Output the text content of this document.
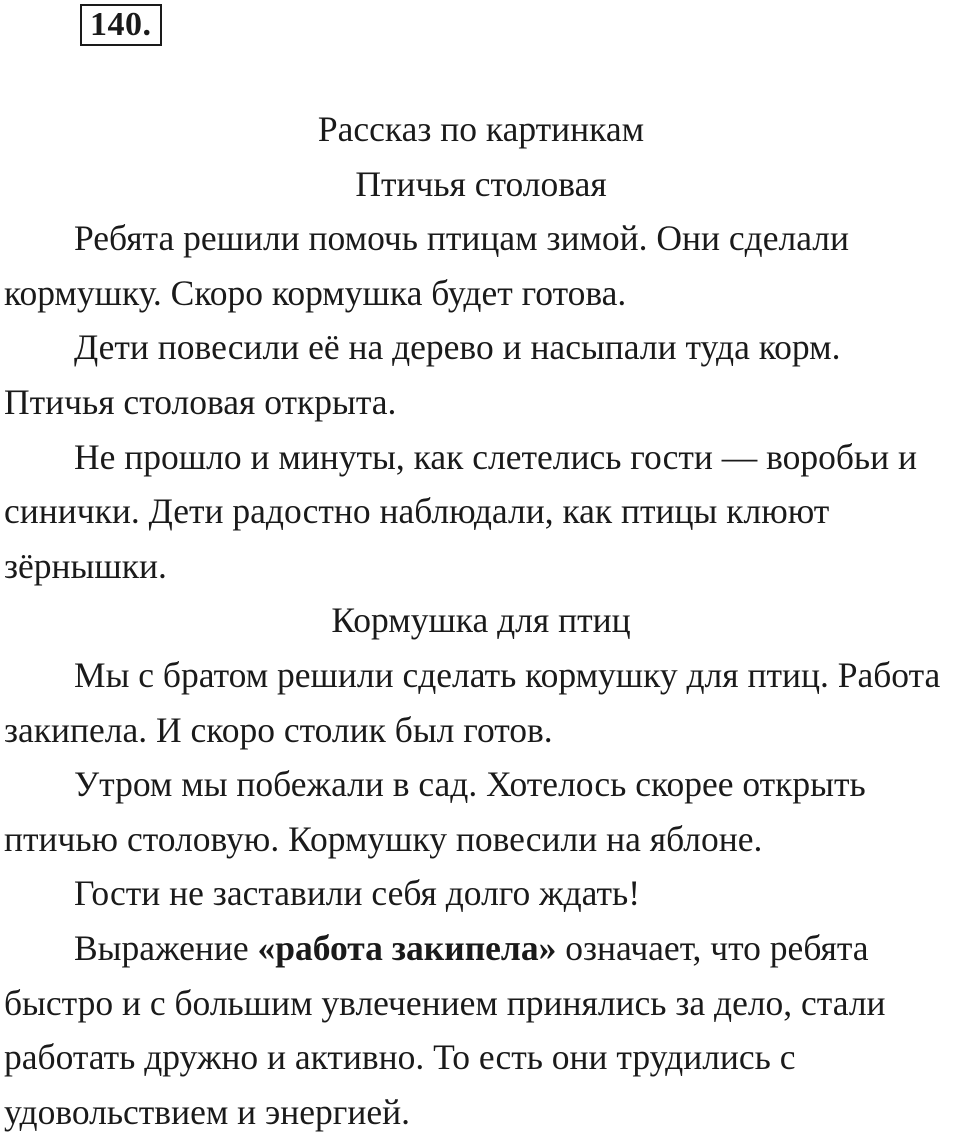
140.
Рассказ по картинкам
Птичья столовая

Ребята решили помочь птицам зимой. Они сделали кормушку. Скоро кормушка будет готова.

Дети повесили её на дерево и насыпали туда корм. Птичья столовая открыта.

Не прошло и минуты, как слетелись гости — воробьи и синички. Дети радостно наблюдали, как птицы клюют зёрнышки.

Кормушка для птиц

Мы с братом решили сделать кормушку для птиц. Работа закипела. И скоро столик был готов.

Утром мы побежали в сад. Хотелось скорее открыть птичью столовую. Кормушку повесили на яблоне.

Гости не заставили себя долго ждать!

Выражение «работа закипела» означает, что ребята быстро и с большим увлечением принялись за дело, стали работать дружно и активно. То есть они трудились с удовольствием и энергией.
